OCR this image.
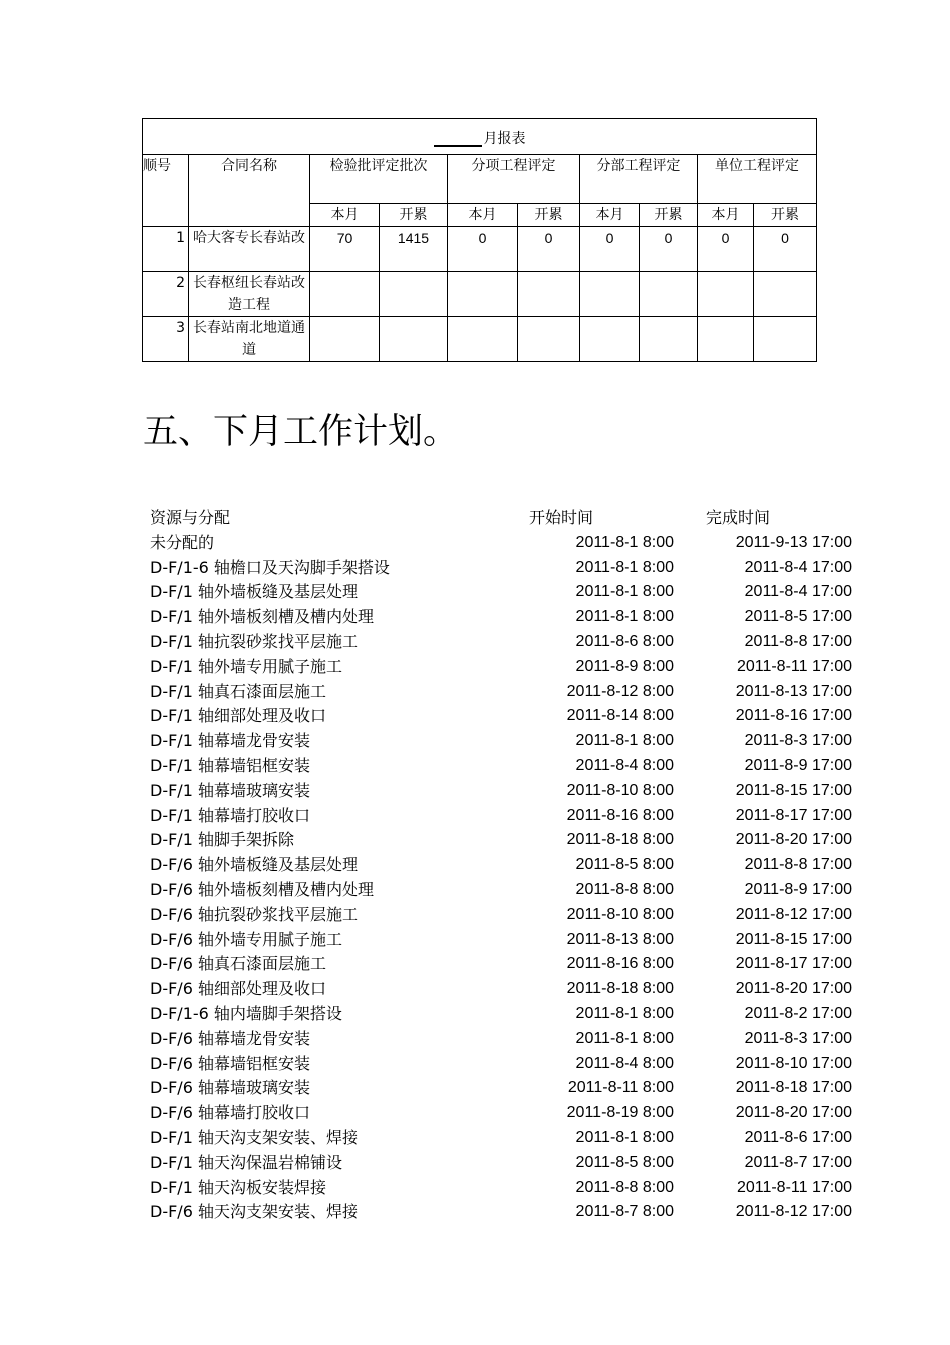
月报表									
顺号	合同名称	检验批评定批次		分项工程评定		分部工程评定		单位工程评定	
		本月	开累	本月	开累	本月	开累	本月	开累
1	哈大客专长春站改	70	1415	0	0	0	0	0	0
2	长春枢纽长春站改造工程								
3	长春站南北地道通道								
五、下月工作计划。
资源与分配	开始时间	完成时间
未分配的	2011-8-1 8:00	2011-9-13 17:00
D-F/1-6 轴檐口及天沟脚手架搭设	2011-8-1 8:00	2011-8-4 17:00
D-F/1 轴外墙板缝及基层处理	2011-8-1 8:00	2011-8-4 17:00
D-F/1 轴外墙板刻槽及槽内处理	2011-8-1 8:00	2011-8-5 17:00
D-F/1 轴抗裂砂浆找平层施工	2011-8-6 8:00	2011-8-8 17:00
D-F/1 轴外墙专用腻子施工	2011-8-9 8:00	2011-8-11 17:00
D-F/1 轴真石漆面层施工	2011-8-12 8:00	2011-8-13 17:00
D-F/1 轴细部处理及收口	2011-8-14 8:00	2011-8-16 17:00
D-F/1 轴幕墙龙骨安装	2011-8-1 8:00	2011-8-3 17:00
D-F/1 轴幕墙铝框安装	2011-8-4 8:00	2011-8-9 17:00
D-F/1 轴幕墙玻璃安装	2011-8-10 8:00	2011-8-15 17:00
D-F/1 轴幕墙打胶收口	2011-8-16 8:00	2011-8-17 17:00
D-F/1 轴脚手架拆除	2011-8-18 8:00	2011-8-20 17:00
D-F/6 轴外墙板缝及基层处理	2011-8-5 8:00	2011-8-8 17:00
D-F/6 轴外墙板刻槽及槽内处理	2011-8-8 8:00	2011-8-9 17:00
D-F/6 轴抗裂砂浆找平层施工	2011-8-10 8:00	2011-8-12 17:00
D-F/6 轴外墙专用腻子施工	2011-8-13 8:00	2011-8-15 17:00
D-F/6 轴真石漆面层施工	2011-8-16 8:00	2011-8-17 17:00
D-F/6 轴细部处理及收口	2011-8-18 8:00	2011-8-20 17:00
D-F/1-6 轴内墙脚手架搭设	2011-8-1 8:00	2011-8-2 17:00
D-F/6 轴幕墙龙骨安装	2011-8-1 8:00	2011-8-3 17:00
D-F/6 轴幕墙铝框安装	2011-8-4 8:00	2011-8-10 17:00
D-F/6 轴幕墙玻璃安装	2011-8-11 8:00	2011-8-18 17:00
D-F/6 轴幕墙打胶收口	2011-8-19 8:00	2011-8-20 17:00
D-F/1 轴天沟支架安装、焊接	2011-8-1 8:00	2011-8-6 17:00
D-F/1 轴天沟保温岩棉铺设	2011-8-5 8:00	2011-8-7 17:00
D-F/1 轴天沟板安装焊接	2011-8-8 8:00	2011-8-11 17:00
D-F/6 轴天沟支架安装、焊接	2011-8-7 8:00	2011-8-12 17:00
